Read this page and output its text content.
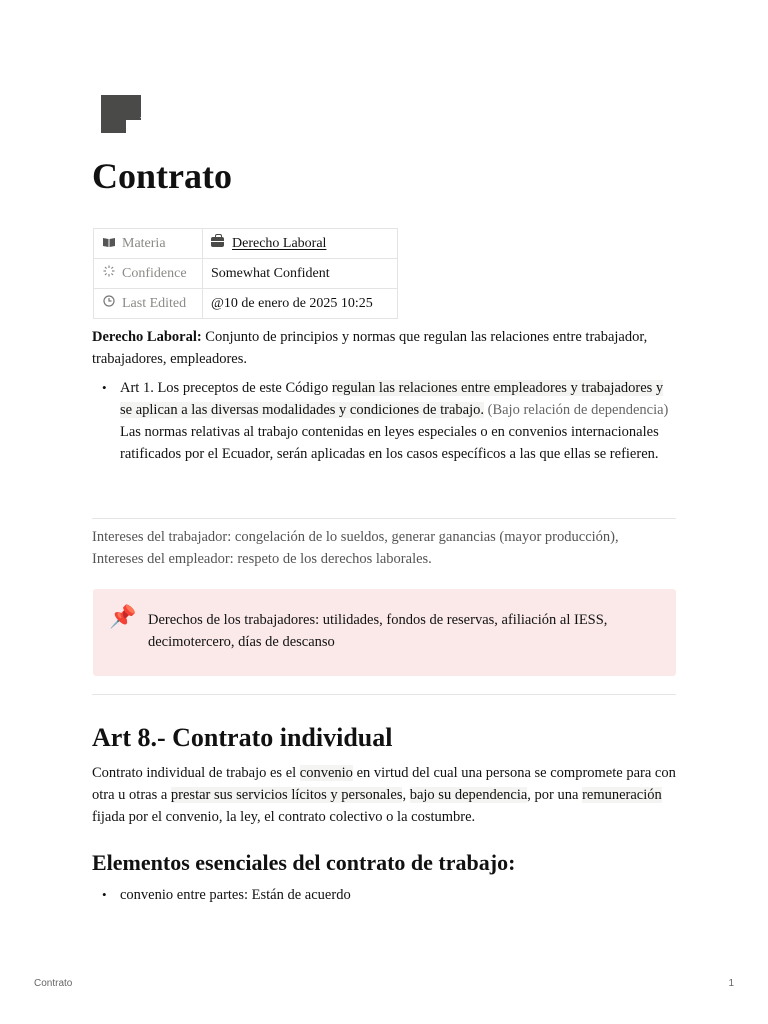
Contrato
Materia	Derecho Laboral
Confidence	Somewhat Confident
Last Edited	@10 de enero de 2025 10:25
Derecho Laboral: Conjunto de principios y normas que regulan las relaciones entre trabajador, trabajadores, empleadores.
• Art 1. Los preceptos de este Código regulan las relaciones entre empleadores y trabajadores y se aplican a las diversas modalidades y condiciones de trabajo. (Bajo relación de dependencia)
Las normas relativas al trabajo contenidas en leyes especiales o en convenios internacionales ratificados por el Ecuador, serán aplicadas en los casos específicos a las que ellas se refieren.
Intereses del trabajador: congelación de lo sueldos, generar ganancias (mayor producción),
Intereses del empleador: respeto de los derechos laborales.
📌 Derechos de los trabajadores: utilidades, fondos de reservas, afiliación al IESS, decimotercero, días de descanso
Art 8.- Contrato individual
Contrato individual de trabajo es el convenio en virtud del cual una persona se compromete para con otra u otras a prestar sus servicios lícitos y personales, bajo su dependencia, por una remuneración fijada por el convenio, la ley, el contrato colectivo o la costumbre.
Elementos esenciales del contrato de trabajo:
• convenio entre partes: Están de acuerdo
Contrato	1
